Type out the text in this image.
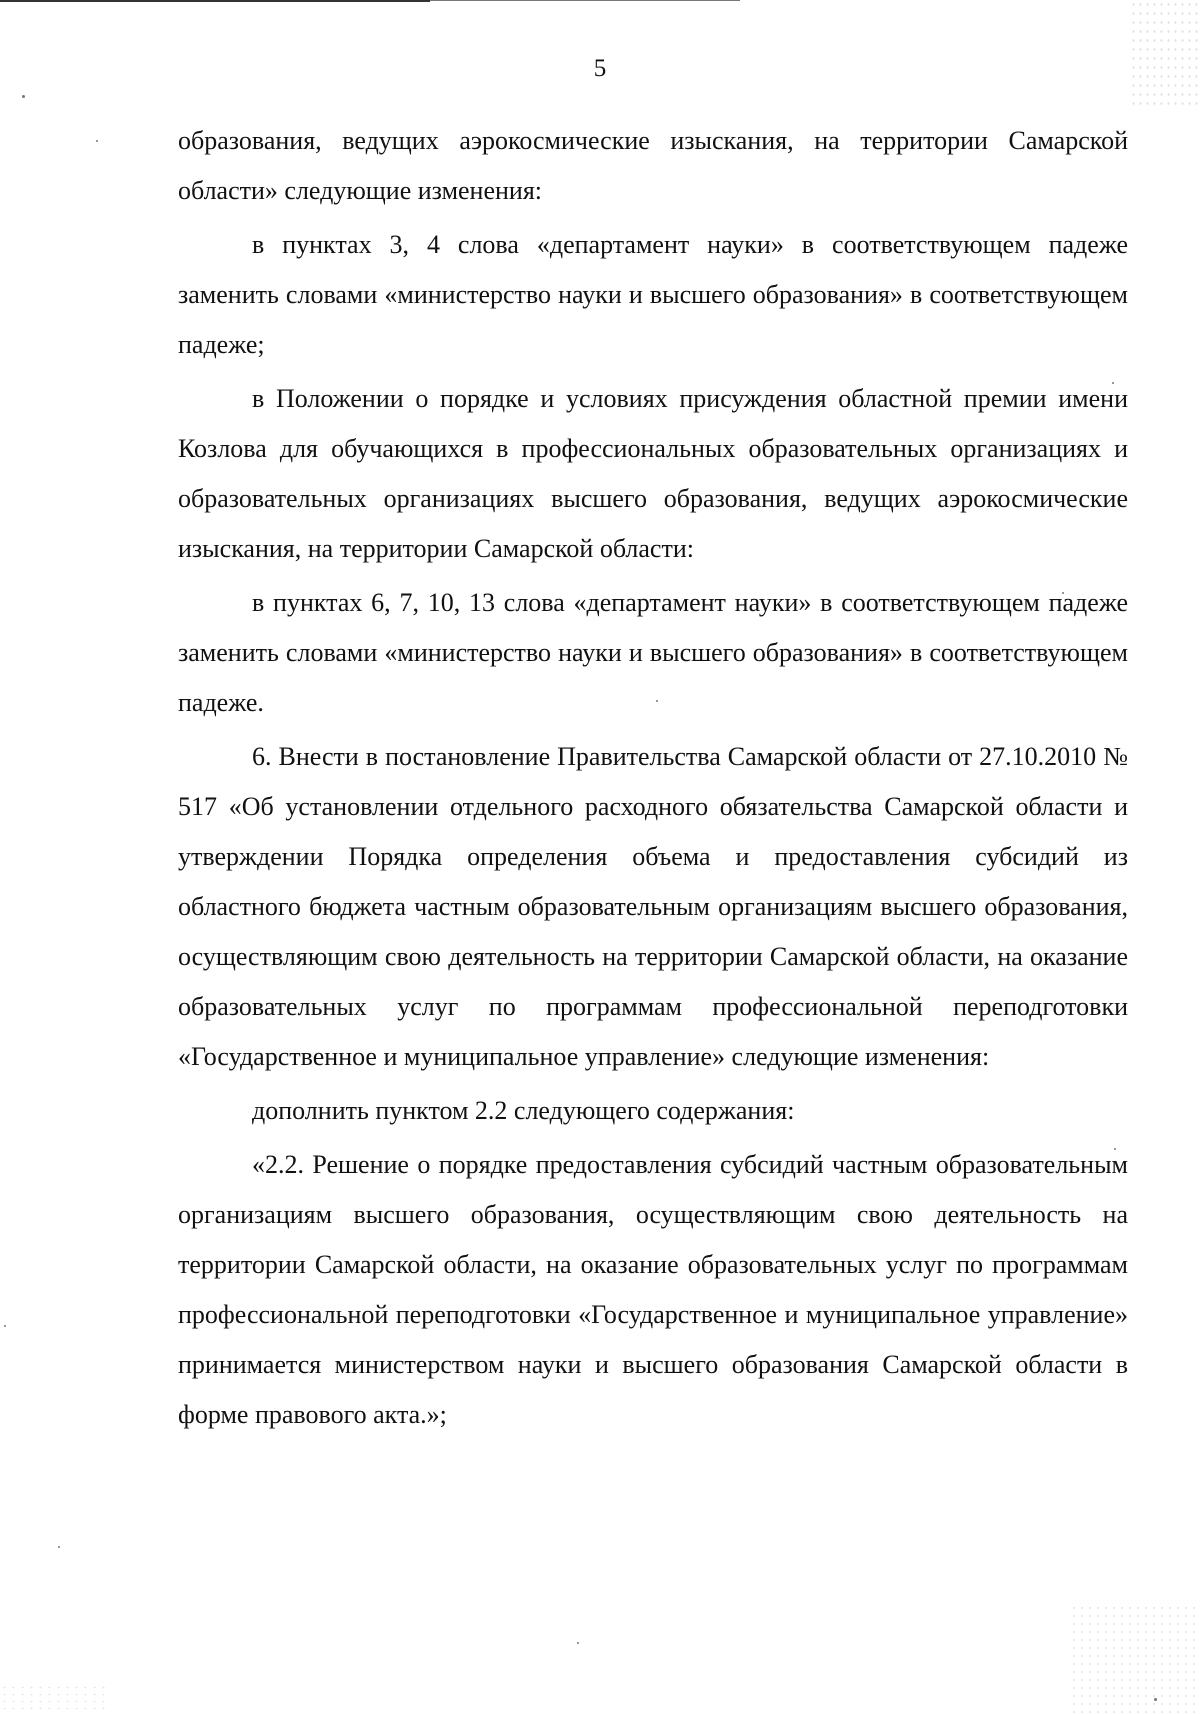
5

образования, ведущих аэрокосмические изыскания, на территории Самарской области» следующие изменения:

в пунктах 3, 4 слова «департамент науки» в соответствующем падеже заменить словами «министерство науки и высшего образования» в соответствующем падеже;

в Положении о порядке и условиях присуждения областной премии имени Козлова для обучающихся в профессиональных образовательных организациях и образовательных организациях высшего образования, ведущих аэрокосмические изыскания, на территории Самарской области:

в пунктах 6, 7, 10, 13 слова «департамент науки» в соответствующем падеже заменить словами «министерство науки и высшего образования» в соответствующем падеже.

6. Внести в постановление Правительства Самарской области от 27.10.2010 № 517 «Об установлении отдельного расходного обязательства Самарской области и утверждении Порядка определения объема и предоставления субсидий из областного бюджета частным образовательным организациям высшего образования, осуществляющим свою деятельность на территории Самарской области, на оказание образовательных услуг по программам профессиональной переподготовки «Государственное и муниципальное управление» следующие изменения:

дополнить пунктом 2.2 следующего содержания:

«2.2. Решение о порядке предоставления субсидий частным образовательным организациям высшего образования, осуществляющим свою деятельность на территории Самарской области, на оказание образовательных услуг по программам профессиональной переподготовки «Государственное и муниципальное управление» принимается министерством науки и высшего образования Самарской области в форме правового акта.»;
